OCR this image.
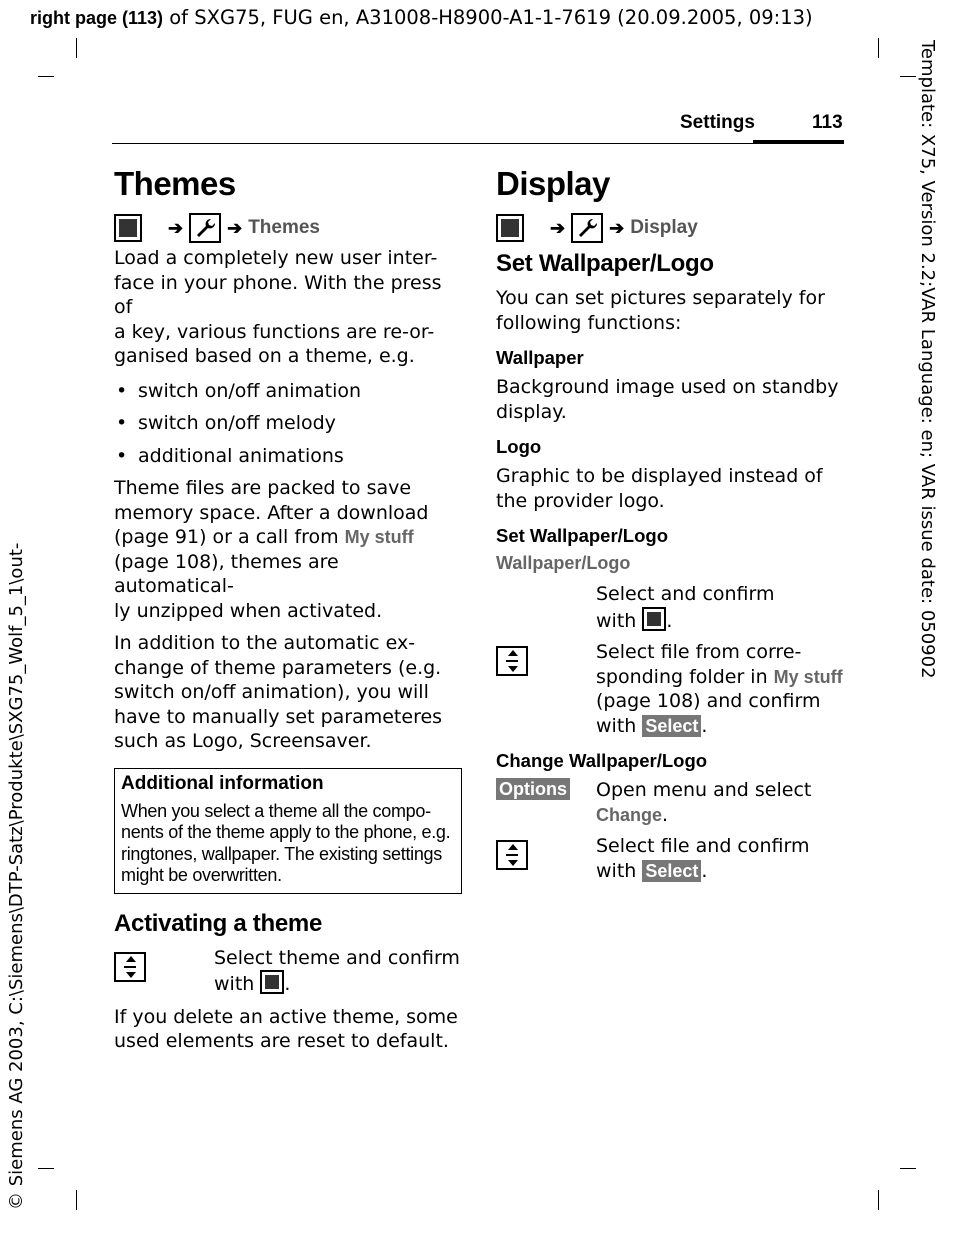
right page (113) of SXG75, FUG en, A31008-H8900-A1-1-7619 (20.09.2005, 09:13)
Template: X75, Version 2.2;VAR Language: en; VAR issue date: 050902
© Siemens AG 2003, C:\Siemens\DTP-Satz\Produkte\SXG75_Wolf_5_1\out-
Settings	113
Themes
➔ ➔ Themes

Load a completely new user inter-
face in your phone. With the press of
a key, various functions are re-or-
ganised based on a theme, e.g.

• switch on/off animation
• switch on/off melody
• additional animations

Theme files are packed to save
memory space. After a download
(page 91) or a call from My stuff
(page 108), themes are automatical-
ly unzipped when activated.

In addition to the automatic ex-
change of theme parameters (e.g.
switch on/off animation), you will
have to manually set parameteres
such as Logo, Screensaver.

Additional information
When you select a theme all the compo-
nents of the theme apply to the phone, e.g.
ringtones, wallpaper. The existing settings
might be overwritten.
Activating a theme
Select theme and confirm
with .

If you delete an active theme, some
used elements are reset to default.

Display
➔ ➔ Display
Set Wallpaper/Logo

You can set pictures separately for
following functions:

Wallpaper

Background image used on standby
display.

Logo

Graphic to be displayed instead of
the provider logo.

Set Wallpaper/Logo
Wallpaper/Logo
Select and confirm
with .
Select file from corre-
sponding folder in My stuff
(page 108) and confirm
with Select .
Change Wallpaper/Logo
Options	Open menu and select
Change.
Select file and confirm
with Select .
